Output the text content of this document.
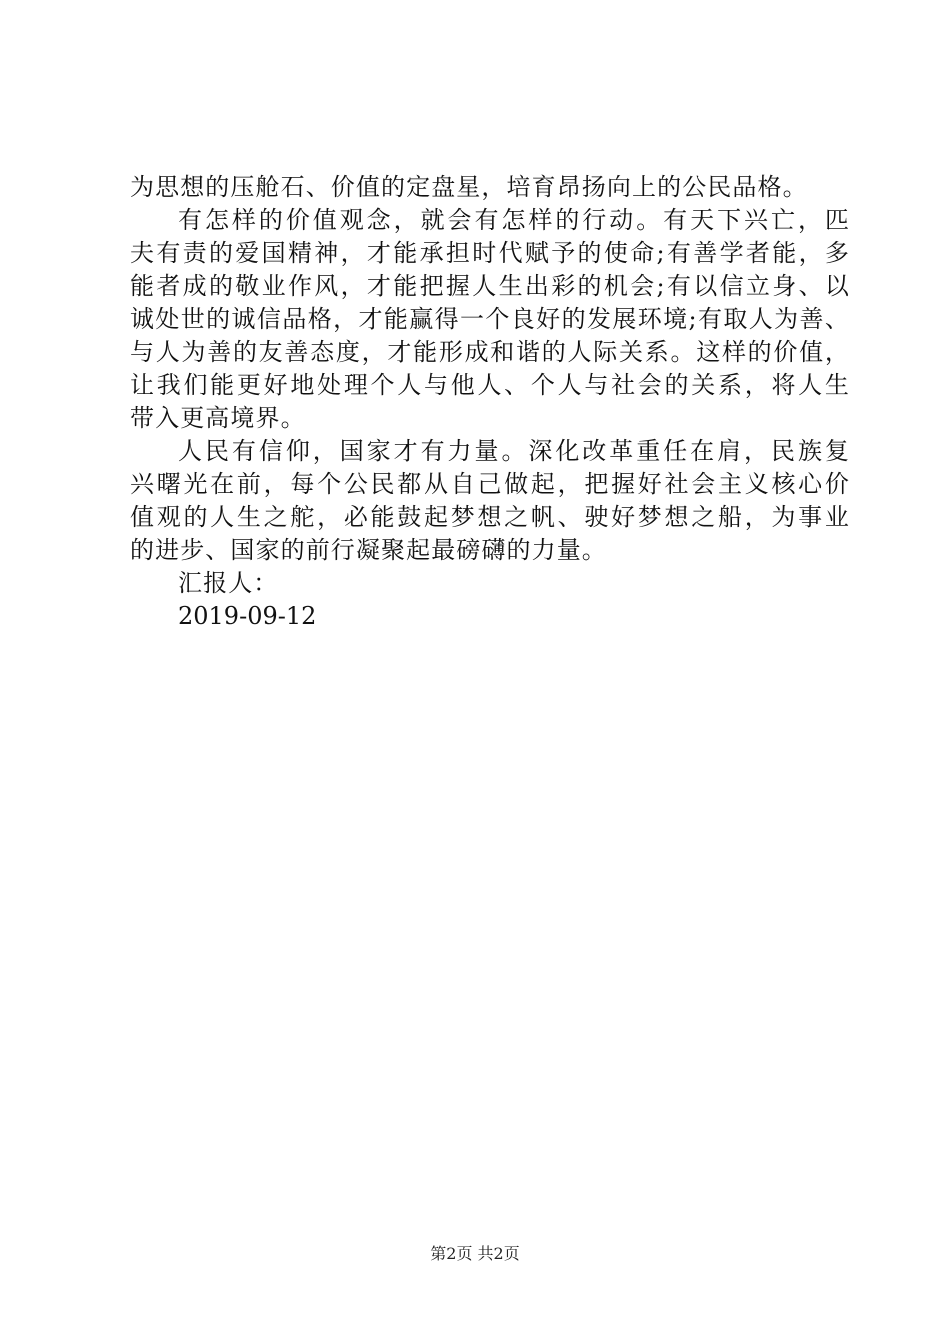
为思想的压舱石、价值的定盘星，培育昂扬向上的公民品格。
有怎样的价值观念，就会有怎样的行动。有天下兴亡，匹
夫有责的爱国精神，才能承担时代赋予的使命;有善学者能，多
能者成的敬业作风，才能把握人生出彩的机会;有以信立身、以
诚处世的诚信品格，才能赢得一个良好的发展环境;有取人为善、
与人为善的友善态度，才能形成和谐的人际关系。这样的价值，
让我们能更好地处理个人与他人、个人与社会的关系，将人生
带入更高境界。
人民有信仰，国家才有力量。深化改革重任在肩，民族复
兴曙光在前，每个公民都从自己做起，把握好社会主义核心价
值观的人生之舵，必能鼓起梦想之帆、驶好梦想之船，为事业
的进步、国家的前行凝聚起最磅礴的力量。
汇报人：
2019-09-12
第2页 共2页
